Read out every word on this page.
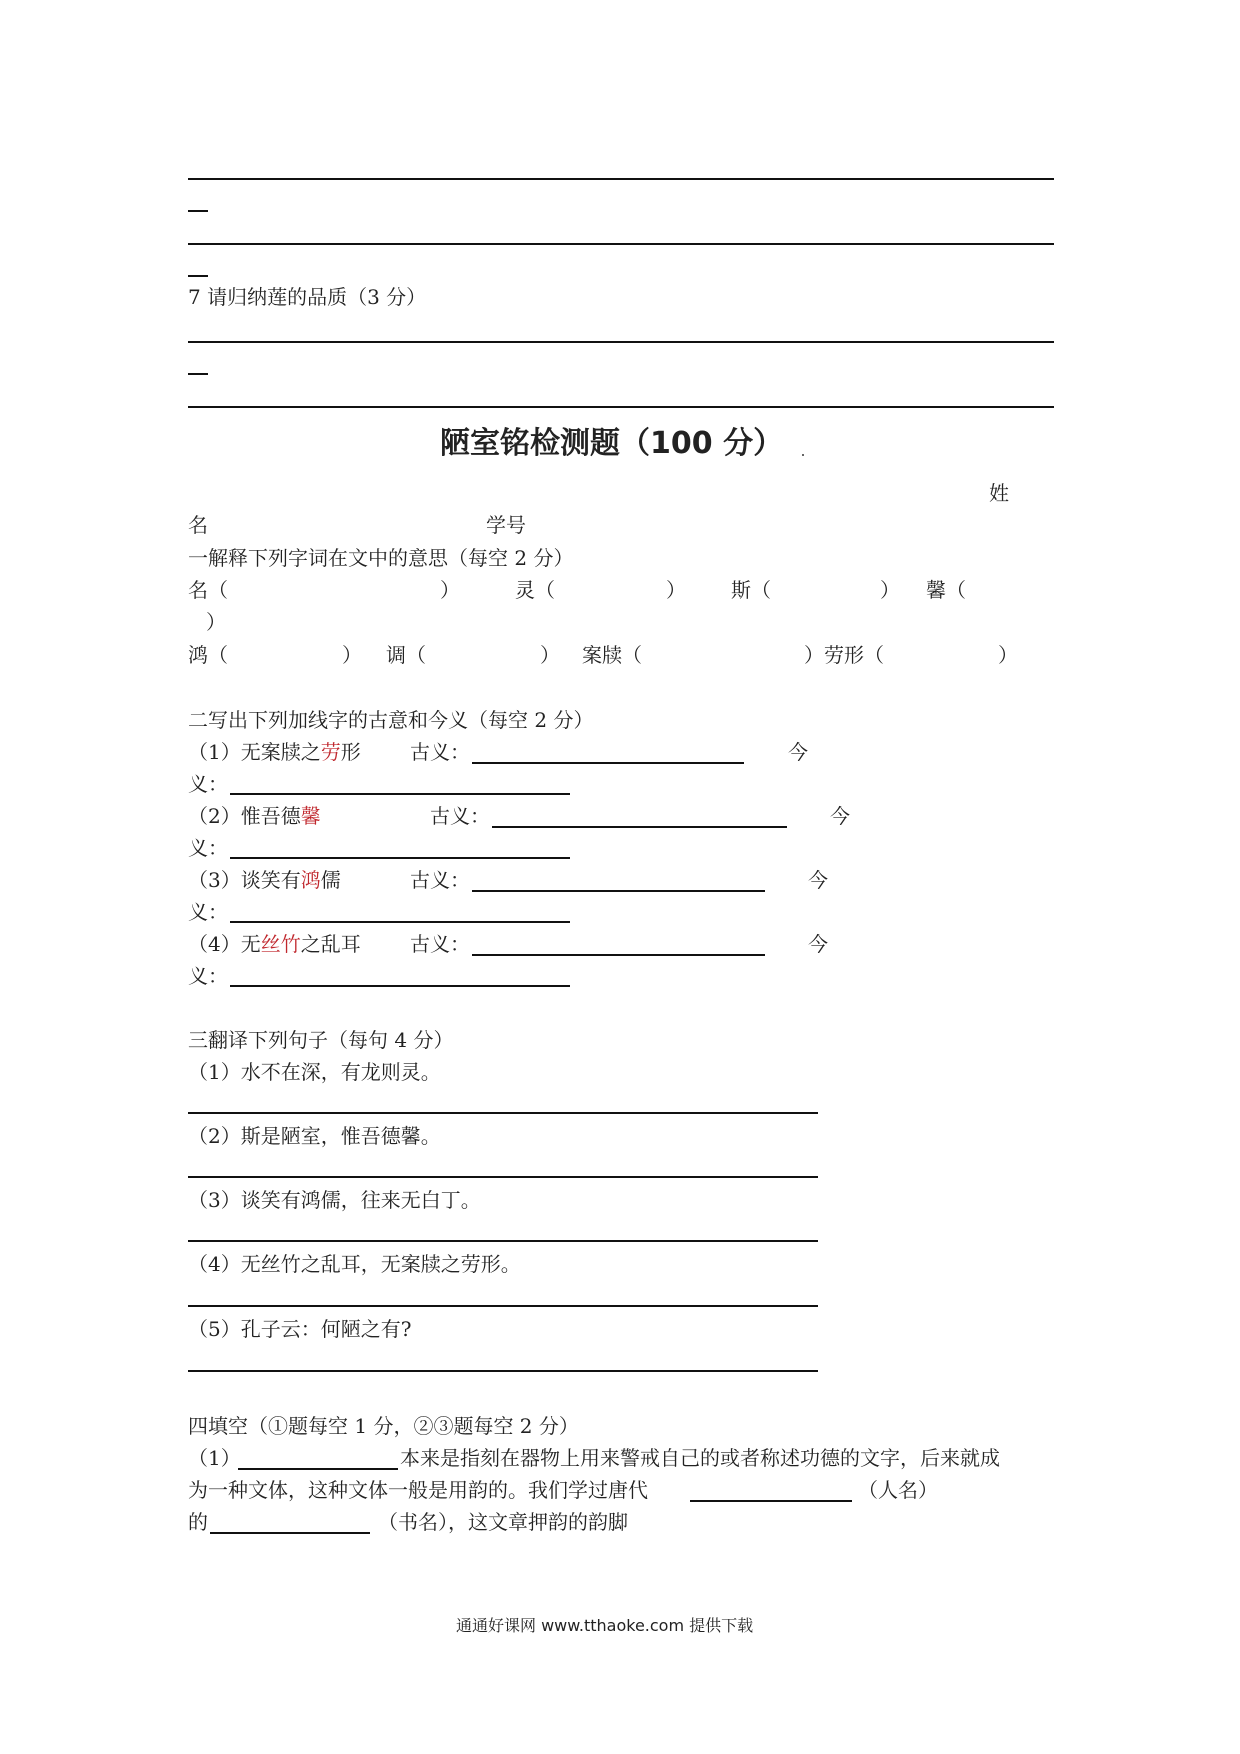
7 请归纳莲的品质（3 分）
陋室铭检测题（100 分）
姓
名	学号
一解释下列字词在文中的意思（每空 2 分）
名（	）	灵（	） 斯（	） 馨（
）
鸿（	） 调（	） 案牍（	）劳形（	）
二写出下列加线字的古意和今义（每空 2 分）
（1）无案牍之劳形 古义：	今
义：
（2）惟吾德馨	古义：	今
义：
（3）谈笑有鸿儒	古义：	今
义：
（4）无丝竹之乱耳 古义：	今
义：
三翻译下列句子（每句 4 分）
（1）水不在深，有龙则灵。
（2）斯是陋室，惟吾德馨。
（3）谈笑有鸿儒，往来无白丁。
（4）无丝竹之乱耳，无案牍之劳形。
（5）孔子云：何陋之有?
四填空（①题每空 1 分，②③题每空 2 分）
（1）	本来是指刻在器物上用来警戒自己的或者称述功德的文字，后来就成
为一种文体，这种文体一般是用韵的。我们学过唐代	（人名）
的	（书名），这文章押韵的韵脚
通通好课网 www.tthaoke.com 提供下载
